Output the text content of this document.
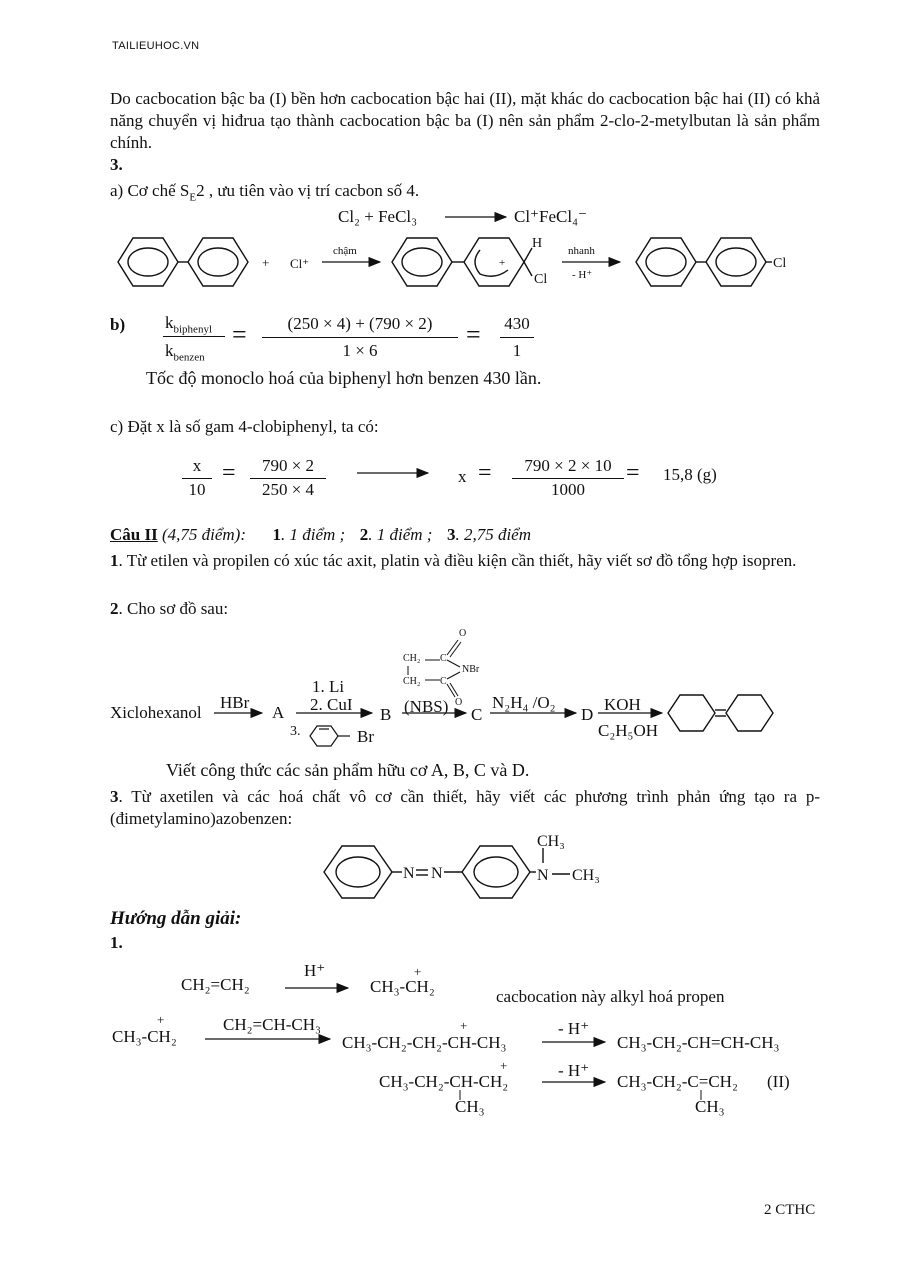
TAILIEUHOC.VN
Do cacbocation bậc ba (I) bền hơn cacbocation bậc hai (II), mặt khác do cacbocation bậc hai (II) có khả năng chuyển vị hiđrua tạo thành cacbocation bậc ba (I) nên sản phẩm 2-clo-2-metylbutan là sản phẩm chính.
3.
a) Cơ chế $S_E2$ , ưu tiên vào vị trí cacbon số 4.
Cl₂ + FeCl₃	Cl⁺FeCl₄⁻
+ Cl⁺
chậm
+
H
Cl
nhanh
- H⁺
Cl
CH₂
CH₂
C
C
O
O
NBr
N N	N
CH₃
CH₃
b) $k_{biphenyl}$
$k_{benzen}$
=	(250 × 4) + (790 × 2)
1 × 6
=	430
1
Tốc độ monoclo hoá của biphenyl hơn benzen 430 lần.
c) Đặt x là số gam 4-clobiphenyl, ta có:
x
10
=	790 × 2
250 × 4
x =	790 × 2 × 10
1000
= 15,8 (g)
Câu II (4,75 điểm): 1. 1 điểm ; 2. 1 điểm ; 3. 2,75 điểm
1. Từ etilen và propilen có xúc tác axit, platin và điều kiện cần thiết, hãy viết sơ đồ tổng hợp isopren.
2. Cho sơ đồ sau:
Xiclohexanol
HBr
A
1. Li
2. CuI
3.	Br
B (NBS) C
N₂H₄ /O₂
D
KOH
C₂H₅OH
Viết công thức các sản phẩm hữu cơ A, B, C và D.
3. Từ axetilen và các hoá chất vô cơ cần thiết, hãy viết các phương trình phản ứng tạo ra p-(đimetylamino)azobenzen:
Hướng dẫn giải:
1.
CH₂=CH₂
H⁺	+
CH₃-CH₂
cacbocation này alkyl hoá propen
+
CH₃-CH₂
CH₂=CH-CH₃	+
CH₃-CH₂-CH₂-CH-CH₃
- H⁺
CH₃-CH₂-CH=CH-CH₃
+
CH₃-CH₂-CH-CH₂
CH₃
- H⁺
CH₃-CH₂-C=CH₂
CH₃
(II)
2 CTHC
